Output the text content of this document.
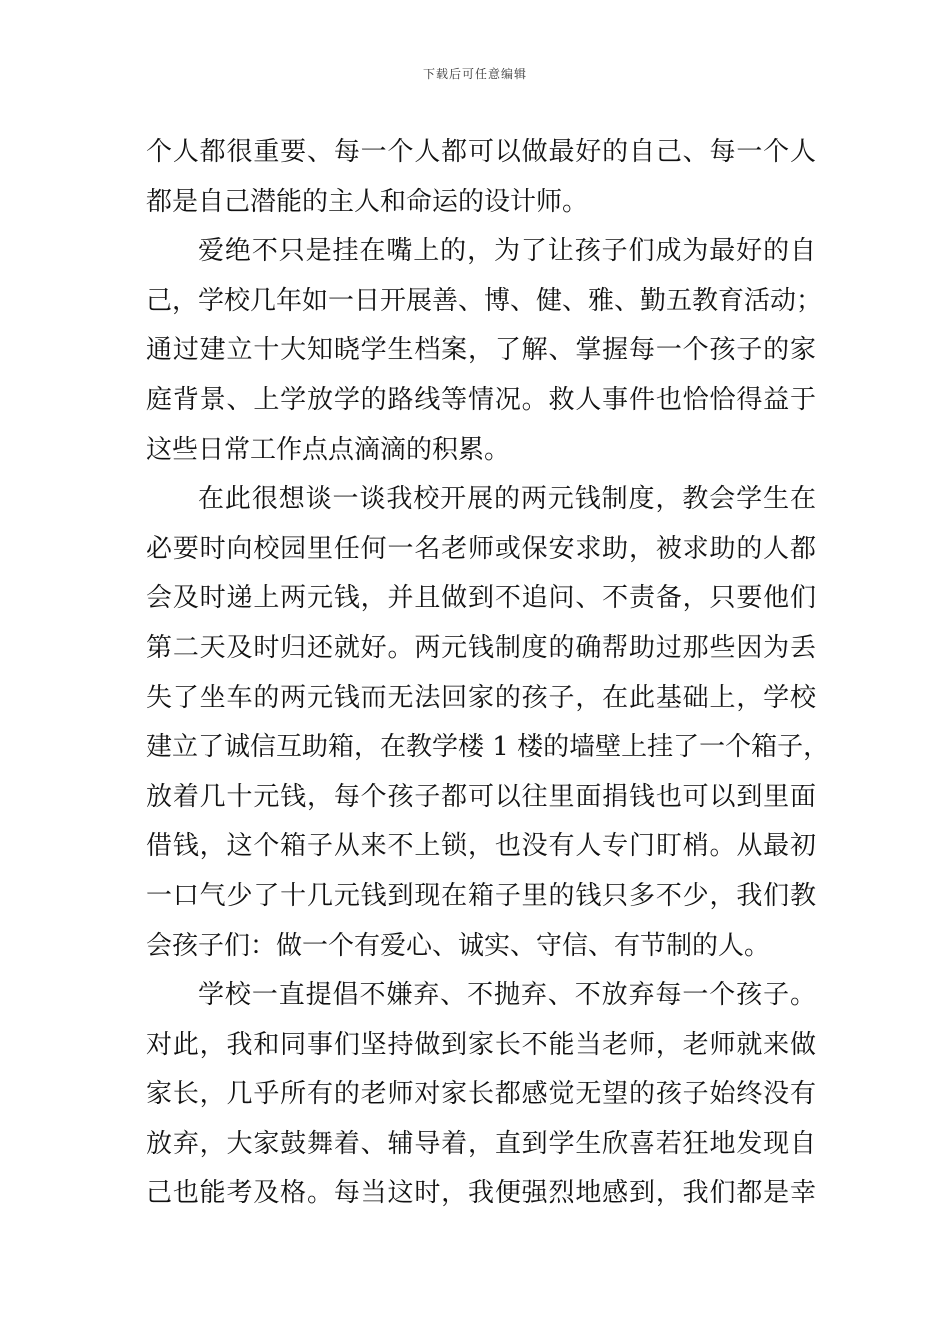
下载后可任意编辑
个人都很重要、每一个人都可以做最好的自己、每一个人
都是自己潜能的主人和命运的设计师。
爱绝不只是挂在嘴上的，为了让孩子们成为最好的自
己，学校几年如一日开展善、博、健、雅、勤五教育活动；
通过建立十大知晓学生档案，了解、掌握每一个孩子的家
庭背景、上学放学的路线等情况。救人事件也恰恰得益于
这些日常工作点点滴滴的积累。
在此很想谈一谈我校开展的两元钱制度，教会学生在
必要时向校园里任何一名老师或保安求助，被求助的人都
会及时递上两元钱，并且做到不追问、不责备，只要他们
第二天及时归还就好。两元钱制度的确帮助过那些因为丢
失了坐车的两元钱而无法回家的孩子，在此基础上，学校
建立了诚信互助箱，在教学楼 1 楼的墙壁上挂了一个箱子，
放着几十元钱，每个孩子都可以往里面捐钱也可以到里面
借钱，这个箱子从来不上锁，也没有人专门盯梢。从最初
一口气少了十几元钱到现在箱子里的钱只多不少，我们教
会孩子们：做一个有爱心、诚实、守信、有节制的人。
学校一直提倡不嫌弃、不抛弃、不放弃每一个孩子。
对此，我和同事们坚持做到家长不能当老师，老师就来做
家长，几乎所有的老师对家长都感觉无望的孩子始终没有
放弃，大家鼓舞着、辅导着，直到学生欣喜若狂地发现自
己也能考及格。每当这时，我便强烈地感到，我们都是幸
